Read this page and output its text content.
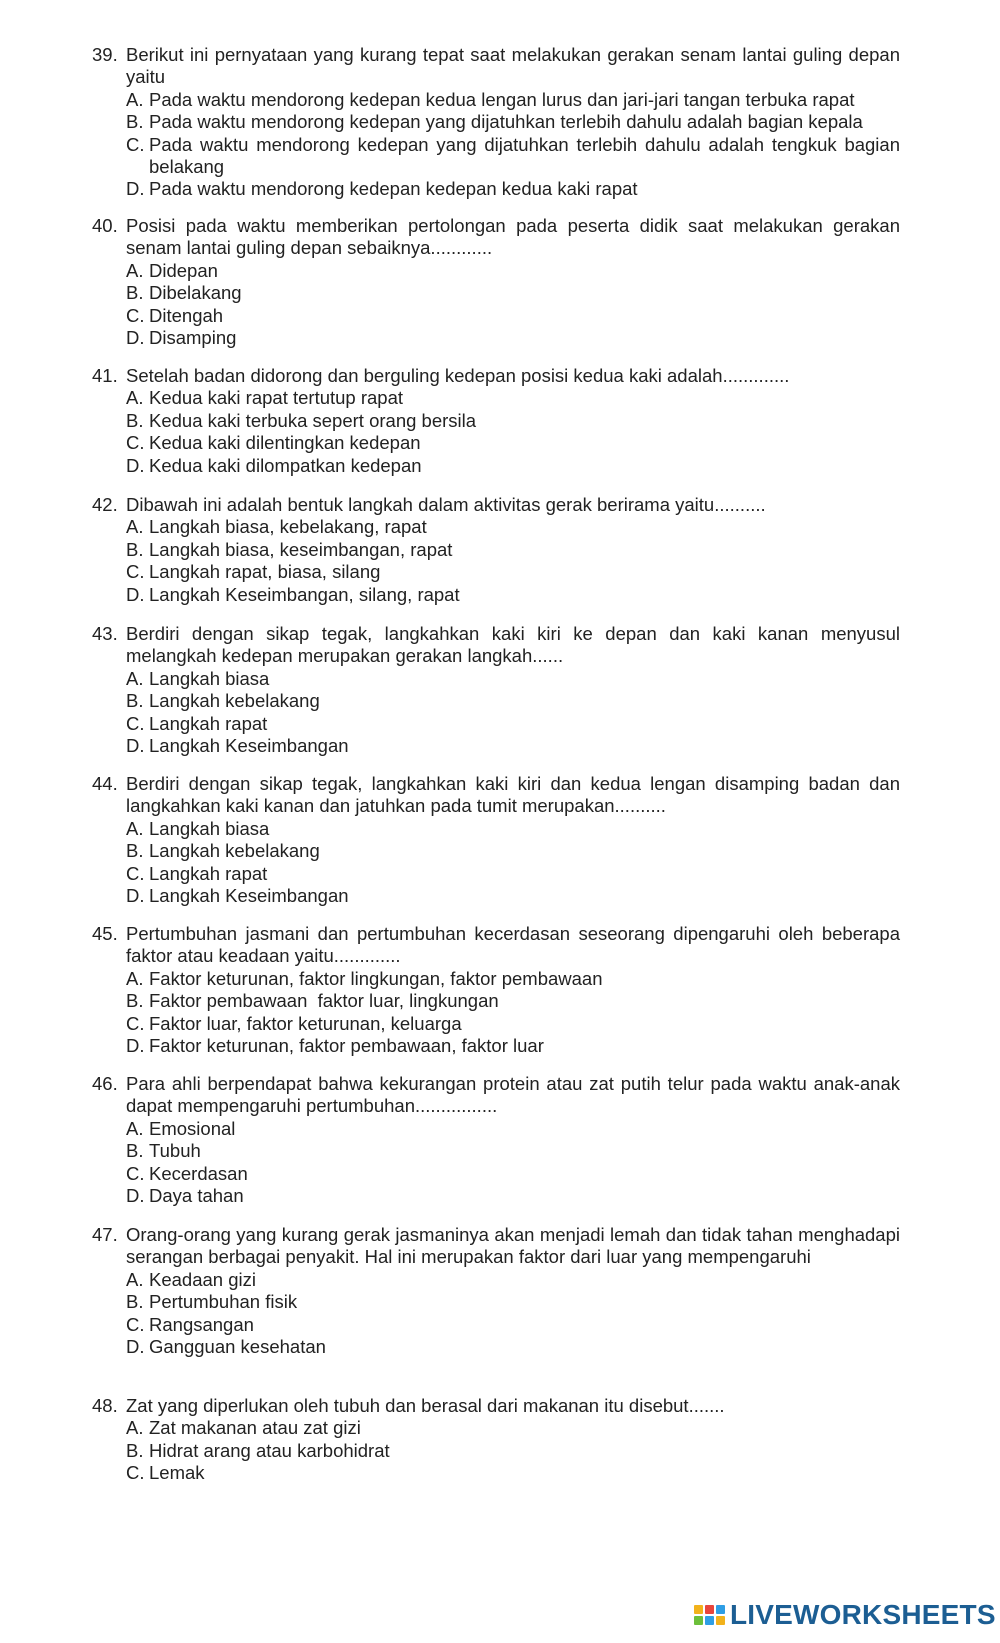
39. Berikut ini pernyataan yang kurang tepat saat melakukan gerakan senam lantai guling depan yaitu
A. Pada waktu mendorong kedepan kedua lengan lurus dan jari-jari tangan terbuka rapat
B. Pada waktu mendorong kedepan yang dijatuhkan terlebih dahulu adalah bagian kepala
C. Pada waktu mendorong kedepan yang dijatuhkan terlebih dahulu adalah tengkuk bagian belakang
D. Pada waktu mendorong kedepan kedepan kedua kaki rapat
40. Posisi pada waktu memberikan pertolongan pada peserta didik saat melakukan gerakan senam lantai guling depan sebaiknya............
A. Didepan
B. Dibelakang
C. Ditengah
D. Disamping
41. Setelah badan didorong dan berguling kedepan posisi kedua kaki adalah.............
A. Kedua kaki rapat tertutup rapat
B. Kedua kaki terbuka sepert orang bersila
C. Kedua kaki dilentingkan kedepan
D. Kedua kaki dilompatkan kedepan
42. Dibawah ini adalah bentuk langkah dalam aktivitas gerak berirama yaitu..........
A. Langkah biasa, kebelakang, rapat
B. Langkah biasa, keseimbangan, rapat
C. Langkah rapat, biasa, silang
D. Langkah Keseimbangan, silang, rapat
43. Berdiri dengan sikap tegak, langkahkan kaki kiri ke depan dan kaki kanan menyusul melangkah kedepan merupakan gerakan langkah......
A. Langkah biasa
B. Langkah kebelakang
C. Langkah rapat
D. Langkah Keseimbangan
44. Berdiri dengan sikap tegak, langkahkan kaki kiri dan kedua lengan disamping badan dan langkahkan kaki kanan dan jatuhkan pada tumit merupakan..........
A. Langkah biasa
B. Langkah kebelakang
C. Langkah rapat
D. Langkah Keseimbangan
45. Pertumbuhan jasmani dan pertumbuhan kecerdasan seseorang dipengaruhi oleh beberapa faktor atau keadaan yaitu.............
A. Faktor keturunan, faktor lingkungan, faktor pembawaan
B. Faktor pembawaan  faktor luar, lingkungan
C. Faktor luar, faktor keturunan, keluarga
D. Faktor keturunan, faktor pembawaan, faktor luar
46. Para ahli berpendapat bahwa kekurangan protein atau zat putih telur pada waktu anak-anak dapat mempengaruhi pertumbuhan................
A. Emosional
B. Tubuh
C. Kecerdasan
D. Daya tahan
47. Orang-orang yang kurang gerak jasmaninya akan menjadi lemah dan tidak tahan menghadapi serangan berbagai penyakit. Hal ini merupakan faktor dari luar yang mempengaruhi
A. Keadaan gizi
B. Pertumbuhan fisik
C. Rangsangan
D. Gangguan kesehatan
48. Zat yang diperlukan oleh tubuh dan berasal dari makanan itu disebut.......
A. Zat makanan atau zat gizi
B. Hidrat arang atau karbohidrat
C. Lemak
LIVEWORKSHEETS
